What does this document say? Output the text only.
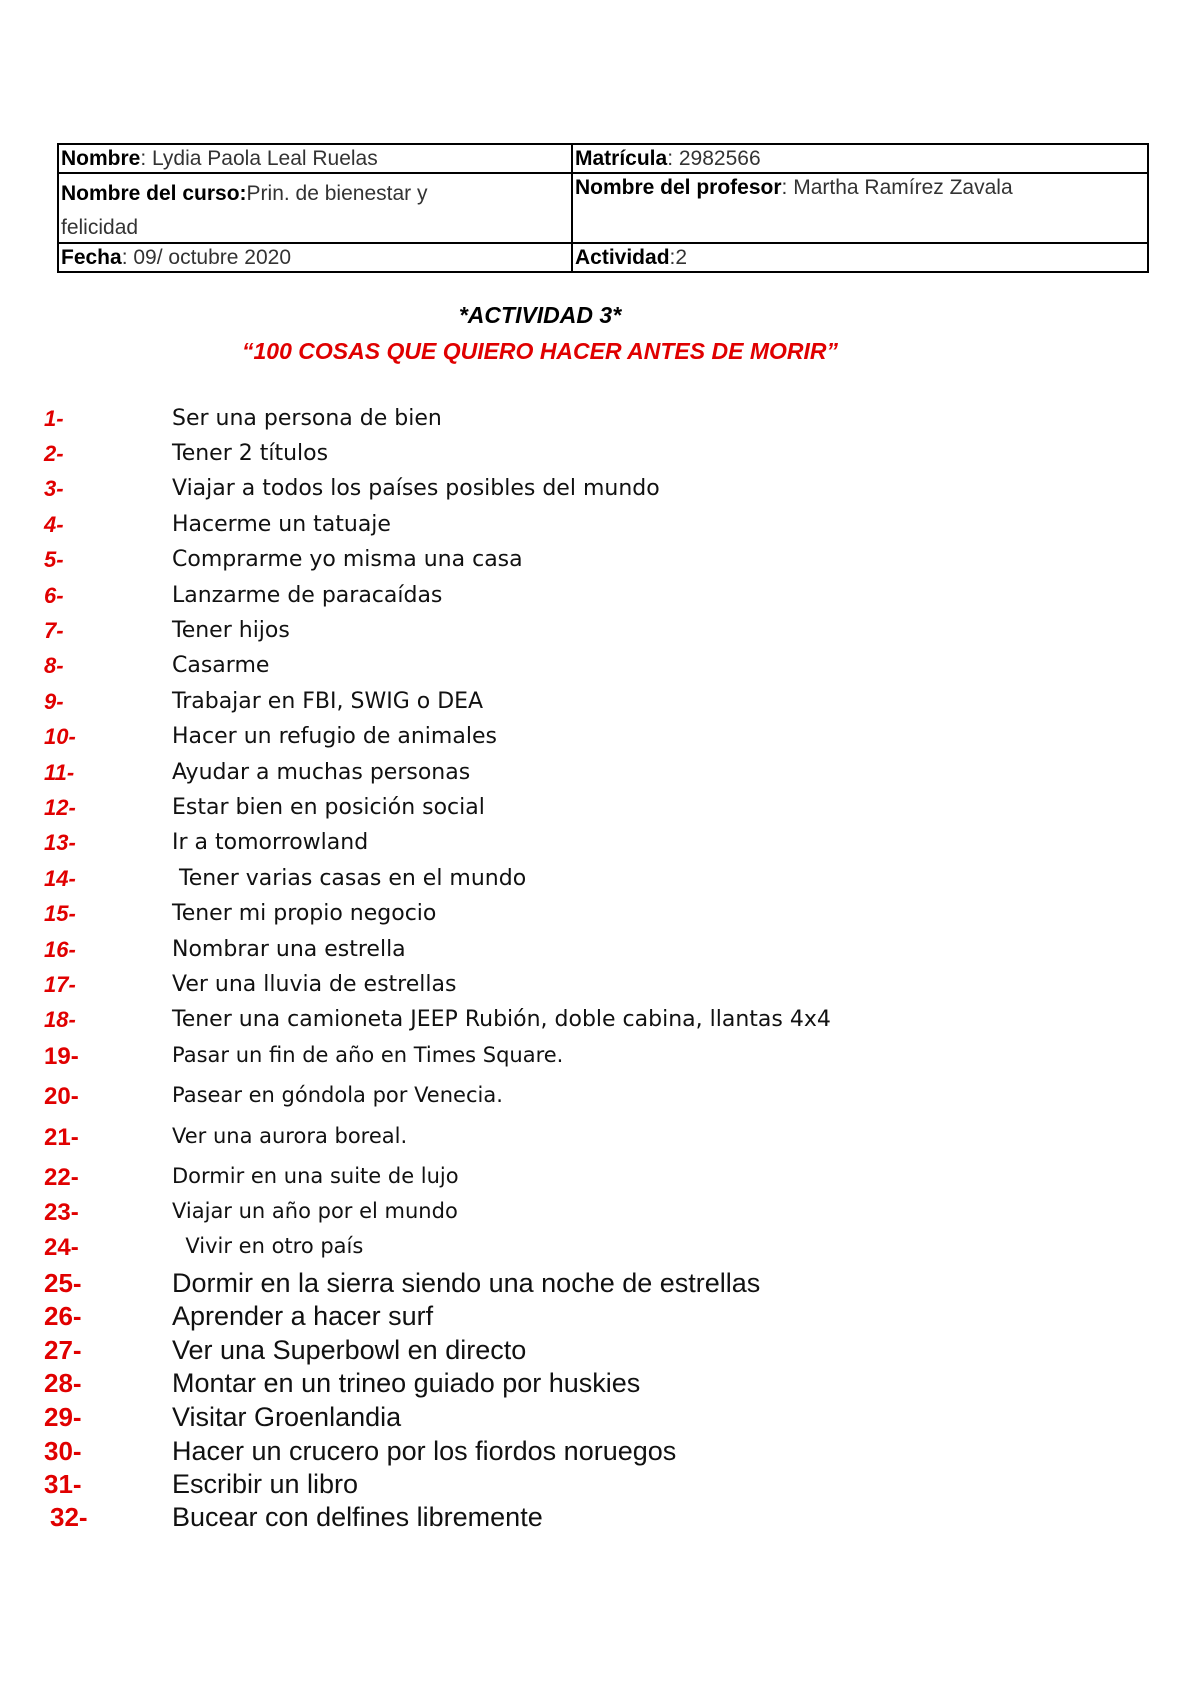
Nombre: Lydia Paola Leal Ruelas	Matrícula: 2982566

Nombre del curso:Prin. de bienestar y
felicidad	Nombre del profesor: Martha Ramírez Zavala
Fecha: 09/ octubre 2020	Actividad:2
*ACTIVIDAD 3*
“100 COSAS QUE QUIERO HACER ANTES DE MORIR”
1-	Ser una persona de bien
2-	Tener 2 títulos
3-	Viajar a todos los países posibles del mundo
4-	Hacerme un tatuaje
5-	Comprarme yo misma una casa
6-	Lanzarme de paracaídas
7-	Tener hijos
8-	Casarme
9-	Trabajar en FBI, SWIG o DEA
10-	Hacer un refugio de animales
11-	Ayudar a muchas personas
12-	Estar bien en posición social
13-	Ir a tomorrowland
14-	Tener varias casas en el mundo
15-	Tener mi propio negocio
16-	Nombrar una estrella
17-	Ver una lluvia de estrellas
18-	Tener una camioneta JEEP Rubión, doble cabina, llantas 4x4
19-	Pasar un fin de año en Times Square.
20-	Pasear en góndola por Venecia.
21-	Ver una aurora boreal.
22-	Dormir en una suite de lujo
23-	Viajar un año por el mundo
24-	Vivir en otro país
25-	Dormir en la sierra siendo una noche de estrellas
26-	Aprender a hacer surf
27-	Ver una Superbowl en directo
28-	Montar en un trineo guiado por huskies
29-	Visitar Groenlandia
30-	Hacer un crucero por los fiordos noruegos
31-	Escribir un libro
32-	Bucear con delfines libremente
